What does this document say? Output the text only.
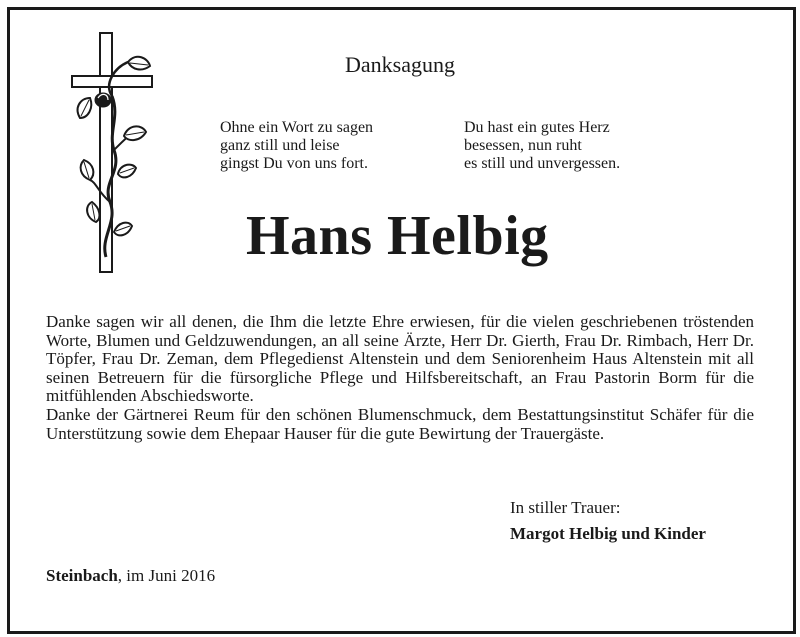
Danksagung
Ohne ein Wort zu sagen
ganz still und leise
gingst Du von uns fort.
Du hast ein gutes Herz
besessen, nun ruht
es still und unvergessen.
Hans Helbig

Danke sagen wir all denen, die Ihm die letzte Ehre erwiesen, für die vielen geschriebenen tröstenden Worte, Blumen und Geldzuwendungen, an all seine Ärzte, Herr Dr. Gierth, Frau Dr. Rimbach, Herr Dr. Töpfer, Frau Dr. Zeman, dem Pflegedienst Altenstein und dem Seniorenheim Haus Altenstein mit all seinen Betreuern für die fürsorgliche Pflege und Hilfsbereitschaft, an Frau Pastorin Borm für die mitfühlenden Abschiedsworte.

Danke der Gärtnerei Reum für den schönen Blumenschmuck, dem Bestattungsinstitut Schäfer für die Unterstützung sowie dem Ehepaar Hauser für die gute Bewirtung der Trauergäste.

In stiller Trauer:
Margot Helbig und Kinder
Steinbach, im Juni 2016
